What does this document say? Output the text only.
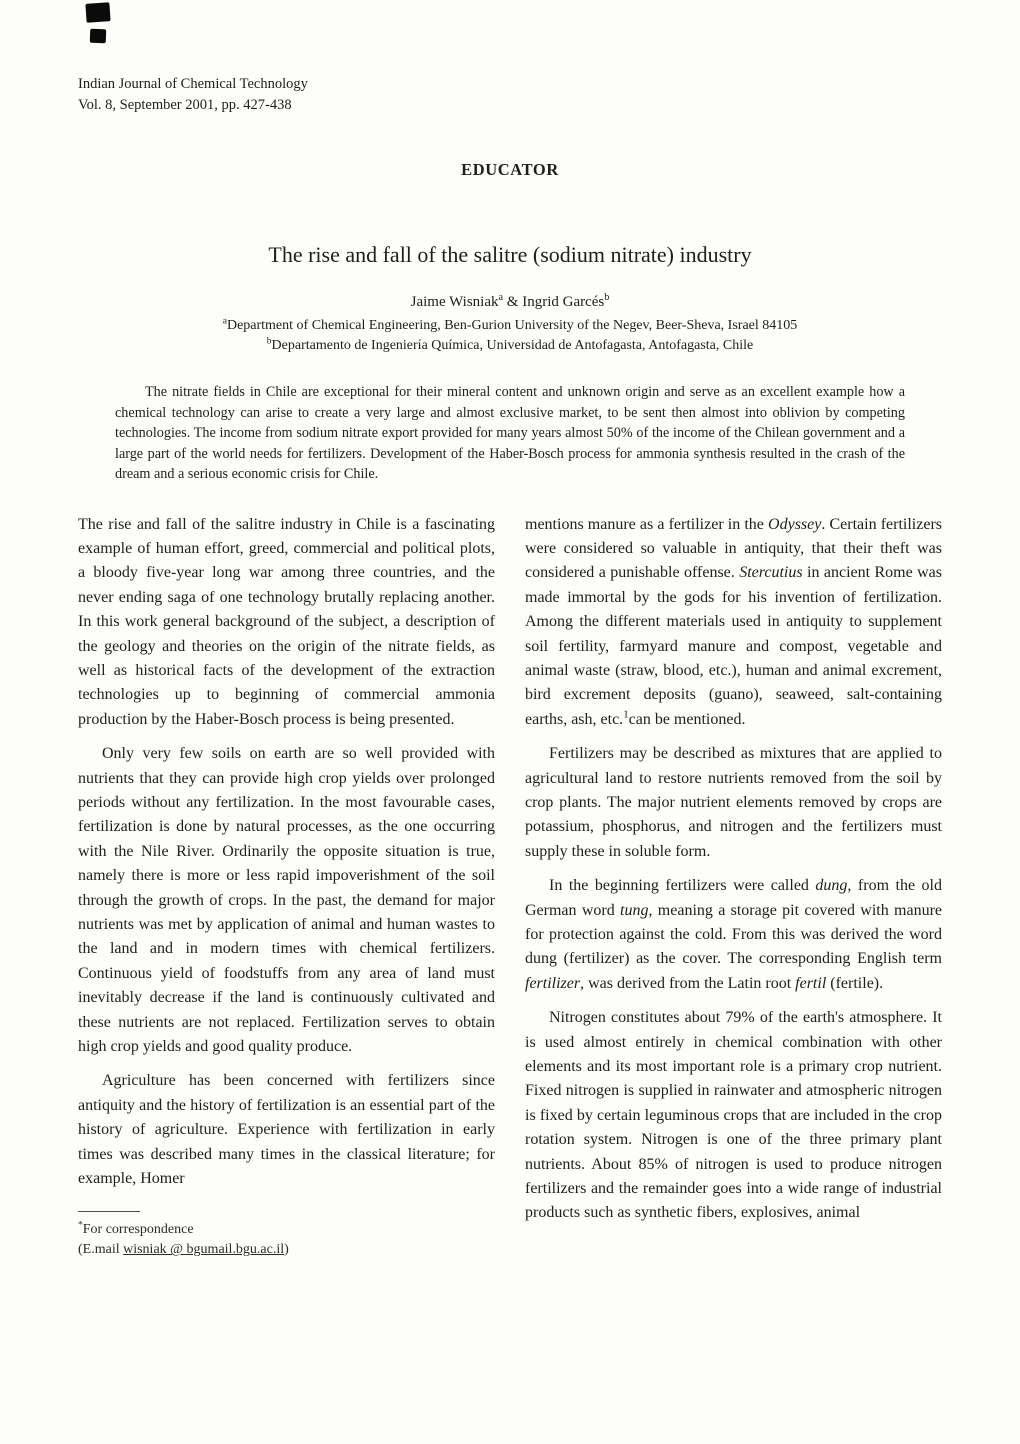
Indian Journal of Chemical Technology
Vol. 8, September 2001, pp. 427-438
EDUCATOR
The rise and fall of the salitre (sodium nitrate) industry
Jaime Wisniak$^a$ & Ingrid Garcés$^b$
$^a$Department of Chemical Engineering, Ben-Gurion University of the Negev, Beer-Sheva, Israel 84105
$^b$Departamento de Ingeniería Química, Universidad de Antofagasta, Antofagasta, Chile
The nitrate fields in Chile are exceptional for their mineral content and unknown origin and serve as an excellent example how a chemical technology can arise to create a very large and almost exclusive market, to be sent then almost into oblivion by competing technologies. The income from sodium nitrate export provided for many years almost 50% of the income of the Chilean government and a large part of the world needs for fertilizers. Development of the Haber-Bosch process for ammonia synthesis resulted in the crash of the dream and a serious economic crisis for Chile.

The rise and fall of the salitre industry in Chile is a fascinating example of human effort, greed, commercial and political plots, a bloody five-year long war among three countries, and the never ending saga of one technology brutally replacing another. In this work general background of the subject, a description of the geology and theories on the origin of the nitrate fields, as well as historical facts of the development of the extraction technologies up to beginning of commercial ammonia production by the Haber-Bosch process is being presented.

Only very few soils on earth are so well provided with nutrients that they can provide high crop yields over prolonged periods without any fertilization. In the most favourable cases, fertilization is done by natural processes, as the one occurring with the Nile River. Ordinarily the opposite situation is true, namely there is more or less rapid impoverishment of the soil through the growth of crops. In the past, the demand for major nutrients was met by application of animal and human wastes to the land and in modern times with chemical fertilizers. Continuous yield of foodstuffs from any area of land must inevitably decrease if the land is continuously cultivated and these nutrients are not replaced. Fertilization serves to obtain high crop yields and good quality produce.

Agriculture has been concerned with fertilizers since antiquity and the history of fertilization is an essential part of the history of agriculture. Experience with fertilization in early times was described many times in the classical literature; for example, Homer

*For correspondence
(E.mail wisniak @ bgumail.bgu.ac.il)

mentions manure as a fertilizer in the Odyssey. Certain fertilizers were considered so valuable in antiquity, that their theft was considered a punishable offense. Stercutius in ancient Rome was made immortal by the gods for his invention of fertilization. Among the different materials used in antiquity to supplement soil fertility, farmyard manure and compost, vegetable and animal waste (straw, blood, etc.), human and animal excrement, bird excrement deposits (guano), seaweed, salt-containing earths, ash, etc.$^1$can be mentioned.

Fertilizers may be described as mixtures that are applied to agricultural land to restore nutrients removed from the soil by crop plants. The major nutrient elements removed by crops are potassium, phosphorus, and nitrogen and the fertilizers must supply these in soluble form.

In the beginning fertilizers were called dung, from the old German word tung, meaning a storage pit covered with manure for protection against the cold. From this was derived the word dung (fertilizer) as the cover. The corresponding English term fertilizer, was derived from the Latin root fertil (fertile).

Nitrogen constitutes about 79% of the earth's atmosphere. It is used almost entirely in chemical combination with other elements and its most important role is a primary crop nutrient. Fixed nitrogen is supplied in rainwater and atmospheric nitrogen is fixed by certain leguminous crops that are included in the crop rotation system. Nitrogen is one of the three primary plant nutrients. About 85% of nitrogen is used to produce nitrogen fertilizers and the remainder goes into a wide range of industrial products such as synthetic fibers, explosives, animal
